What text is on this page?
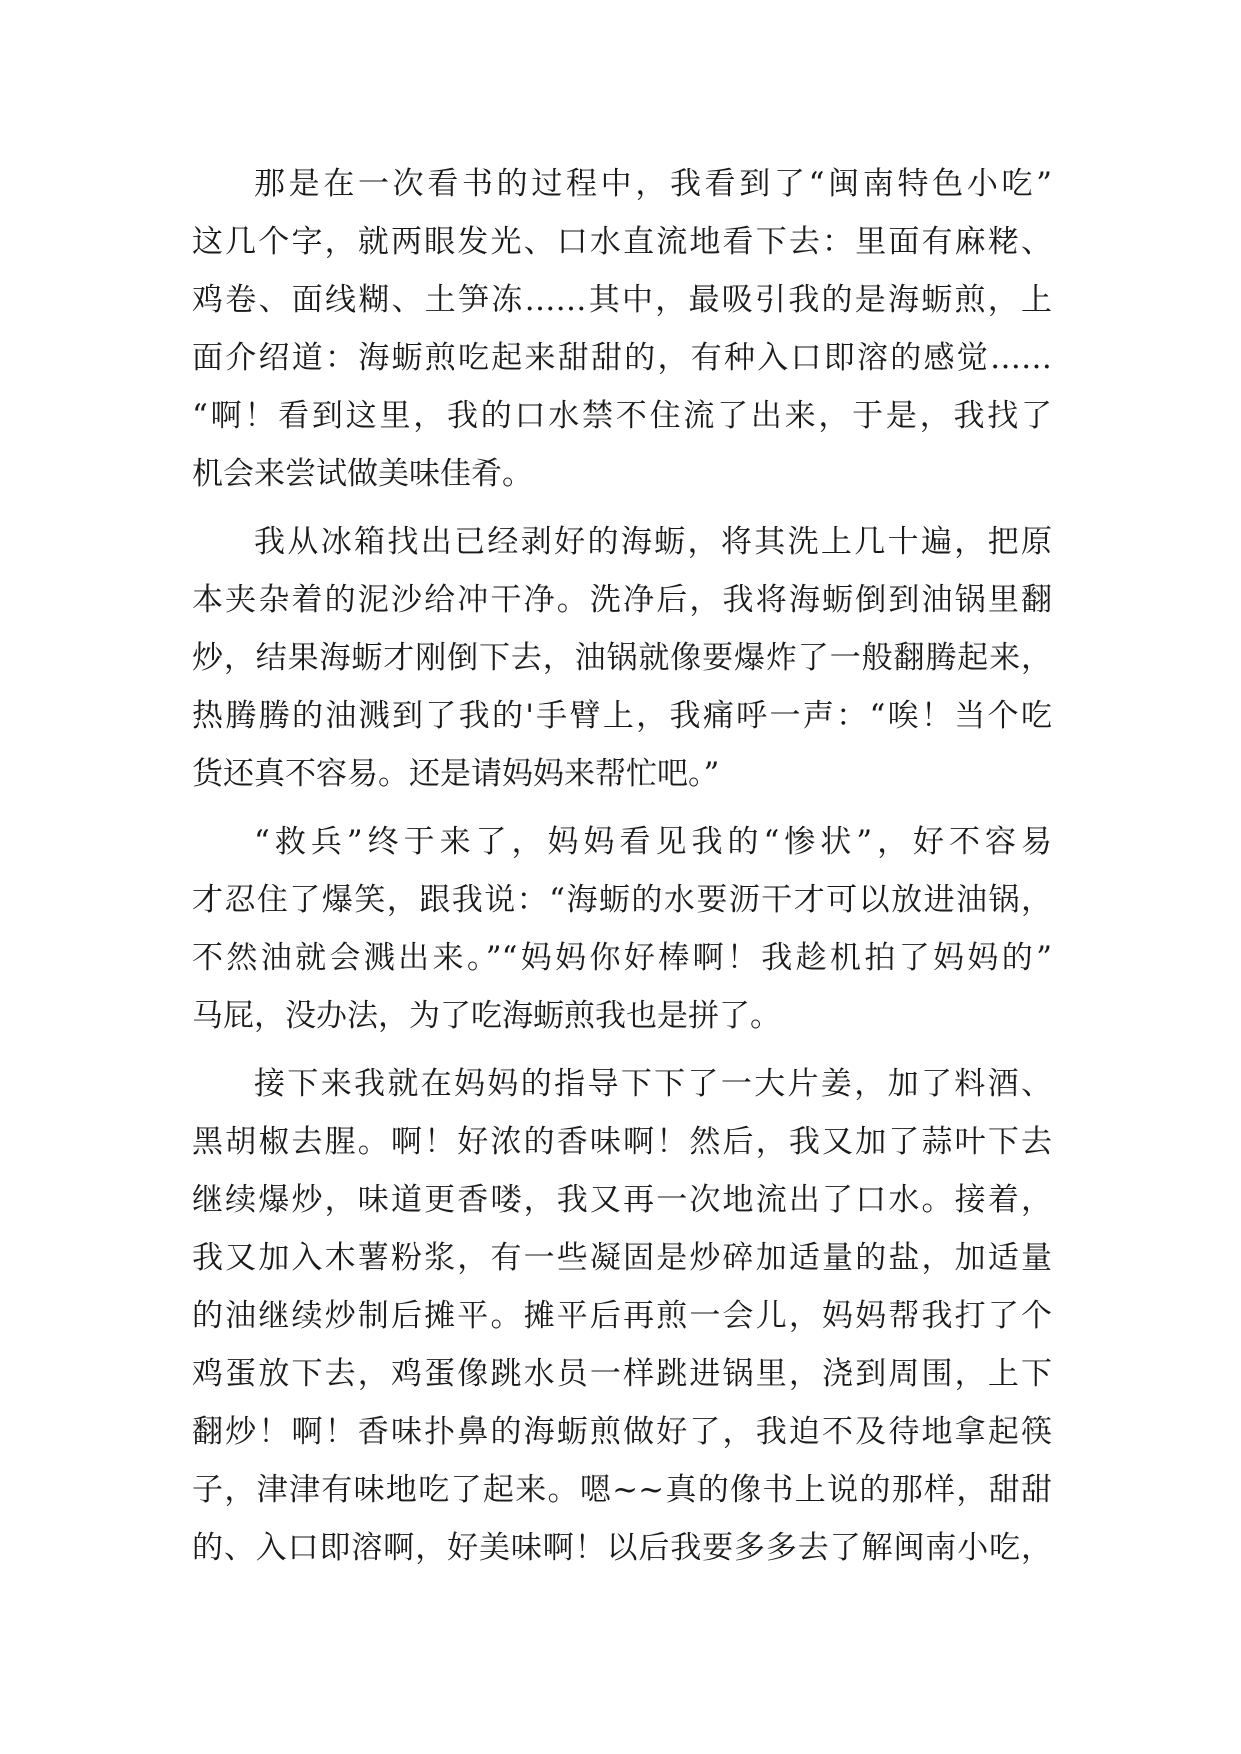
那是在一次看书的过程中，我看到了“闽南特色小吃”
这几个字，就两眼发光、口水直流地看下去：里面有麻粩、
鸡卷、面线糊、土笋冻……其中，最吸引我的是海蛎煎，上
面介绍道：海蛎煎吃起来甜甜的，有种入口即溶的感觉……
“啊！看到这里，我的口水禁不住流了出来，于是，我找了
机会来尝试做美味佳肴。
我从冰箱找出已经剥好的海蛎，将其洗上几十遍，把原
本夹杂着的泥沙给冲干净。洗净后，我将海蛎倒到油锅里翻
炒，结果海蛎才刚倒下去，油锅就像要爆炸了一般翻腾起来，
热腾腾的油溅到了我的'手臂上，我痛呼一声：“唉！当个吃
货还真不容易。还是请妈妈来帮忙吧。”
“救兵”终于来了，妈妈看见我的“惨状”，好不容易
才忍住了爆笑，跟我说：“海蛎的水要沥干才可以放进油锅，
不然油就会溅出来。”“妈妈你好棒啊！我趁机拍了妈妈的”
马屁，没办法，为了吃海蛎煎我也是拼了。
接下来我就在妈妈的指导下下了一大片姜，加了料酒、
黑胡椒去腥。啊！好浓的香味啊！然后，我又加了蒜叶下去
继续爆炒，味道更香喽，我又再一次地流出了口水。接着，
我又加入木薯粉浆，有一些凝固是炒碎加适量的盐，加适量
的油继续炒制后摊平。摊平后再煎一会儿，妈妈帮我打了个
鸡蛋放下去，鸡蛋像跳水员一样跳进锅里，浇到周围，上下
翻炒！啊！香味扑鼻的海蛎煎做好了，我迫不及待地拿起筷
子，津津有味地吃了起来。嗯~~真的像书上说的那样，甜甜
的、入口即溶啊，好美味啊！以后我要多多去了解闽南小吃，
